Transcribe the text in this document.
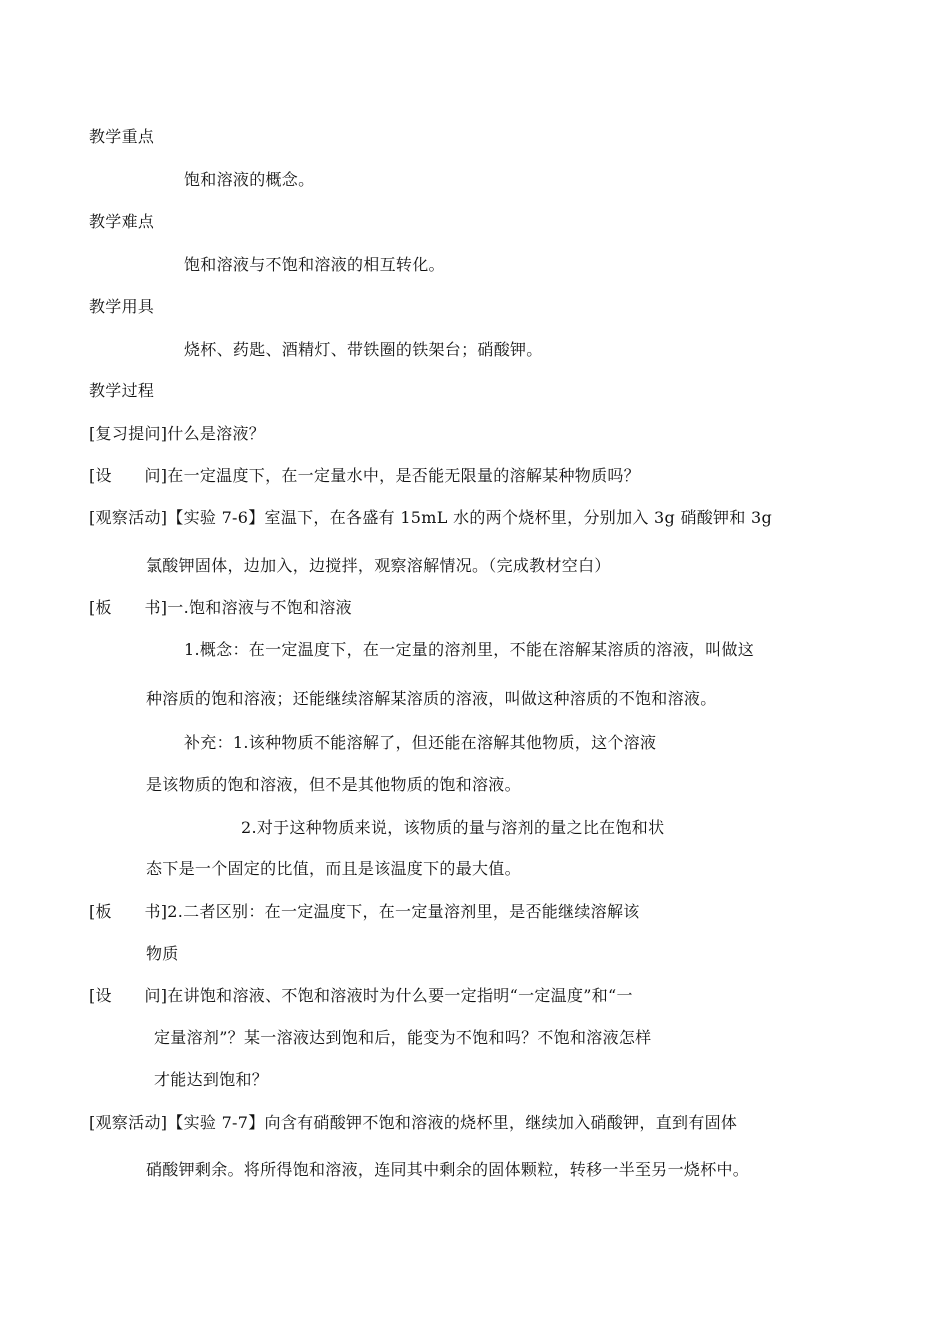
教学重点
饱和溶液的概念。
教学难点
饱和溶液与不饱和溶液的相互转化。
教学用具
烧杯、药匙、酒精灯、带铁圈的铁架台；硝酸钾。
教学过程
[复习提问]什么是溶液？
[设　　问]在一定温度下，在一定量水中，是否能无限量的溶解某种物质吗？
[观察活动]【实验 7-6】室温下，在各盛有 15mL 水的两个烧杯里，分别加入 3g 硝酸钾和 3g
氯酸钾固体，边加入，边搅拌，观察溶解情况。（完成教材空白）
[板　　书]一.饱和溶液与不饱和溶液
1.概念：在一定温度下，在一定量的溶剂里，不能在溶解某溶质的溶液，叫做这
种溶质的饱和溶液；还能继续溶解某溶质的溶液，叫做这种溶质的不饱和溶液。
补充：1.该种物质不能溶解了，但还能在溶解其他物质，这个溶液
是该物质的饱和溶液，但不是其他物质的饱和溶液。
2.对于这种物质来说，该物质的量与溶剂的量之比在饱和状
态下是一个固定的比值，而且是该温度下的最大值。
[板　　书]2.二者区别：在一定温度下，在一定量溶剂里，是否能继续溶解该
物质
[设　　问]在讲饱和溶液、不饱和溶液时为什么要一定指明“一定温度”和“一
定量溶剂”？某一溶液达到饱和后，能变为不饱和吗？不饱和溶液怎样
才能达到饱和？
[观察活动]【实验 7-7】向含有硝酸钾不饱和溶液的烧杯里，继续加入硝酸钾，直到有固体
硝酸钾剩余。将所得饱和溶液，连同其中剩余的固体颗粒，转移一半至另一烧杯中。
